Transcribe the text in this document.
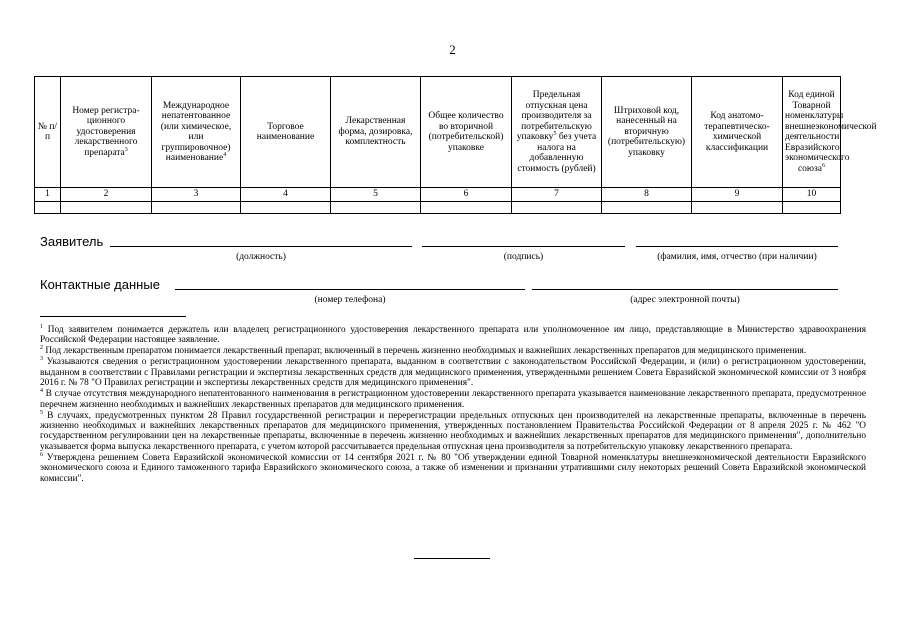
2
№ п/п	Номер регистра-ционного удостоверения лекарственного препарата$^3$	Международное непатентованное (или химическое, или группировочное) наименование$^4$	Торговое наименование	Лекарственная форма, дозировка, комплектность	Общее количество во вторичной (потребительской) упаковке	Предельная отпускная цена производителя за потребительскую упаковку$^5$ без учета налога на добавленную стоимость (рублей)	Штриховой код, нанесенный на вторичную (потребительскую) упаковку	Код анатомо-терапевтическо-химической классификации	Код единой Товарной номенклатуры внешнеэкономической деятельности Евразийского экономического союза$^6$
1	2	3	4	5	6	7	8	9	10

Заявитель
(должность)	(подпись)	(фамилия, имя, отчество (при наличии)
Контактные данные
(номер телефона)	(адрес электронной почты)

$^1$ Под заявителем понимается держатель или владелец регистрационного удостоверения лекарственного препарата или уполномоченное им лицо, представляющие в Министерство здравоохранения Российской Федерации настоящее заявление.

$^2$ Под лекарственным препаратом понимается лекарственный препарат, включенный в перечень жизненно необходимых и важнейших лекарственных препаратов для медицинского применения.

$^3$ Указываются сведения о регистрационном удостоверении лекарственного препарата, выданном в соответствии с законодательством Российской Федерации, и (или) о регистрационном удостоверении, выданном в соответствии с Правилами регистрации и экспертизы лекарственных средств для медицинского применения, утвержденными решением Совета Евразийской экономической комиссии от 3 ноября 2016 г. № 78 "О Правилах регистрации и экспертизы лекарственных средств для медицинского применения".

$^4$ В случае отсутствия международного непатентованного наименования в регистрационном удостоверении лекарственного препарата указывается наименование лекарственного препарата, предусмотренное перечнем жизненно необходимых и важнейших лекарственных препаратов для медицинского применения.

$^5$ В случаях, предусмотренных пунктом 28 Правил государственной регистрации и перерегистрации предельных отпускных цен производителей на лекарственные препараты, включенные в перечень жизненно необходимых и важнейших лекарственных препаратов для медицинского применения, утвержденных постановлением Правительства Российской Федерации от 8 апреля 2025 г. № 462 "О государственном регулировании цен на лекарственные препараты, включенные в перечень жизненно необходимых и важнейших лекарственных препаратов для медицинского применения", дополнительно указывается форма выпуска лекарственного препарата, с учетом которой рассчитывается предельная отпускная цена производителя за потребительскую упаковку лекарственного препарата.

$^6$ Утверждена решением Совета Евразийской экономической комиссии от 14 сентября 2021 г. № 80 "Об утверждении единой Товарной номенклатуры внешнеэкономической деятельности Евразийского экономического союза и Единого таможенного тарифа Евразийского экономического союза, а также об изменении и признании утратившими силу некоторых решений Совета Евразийской экономической комиссии".
